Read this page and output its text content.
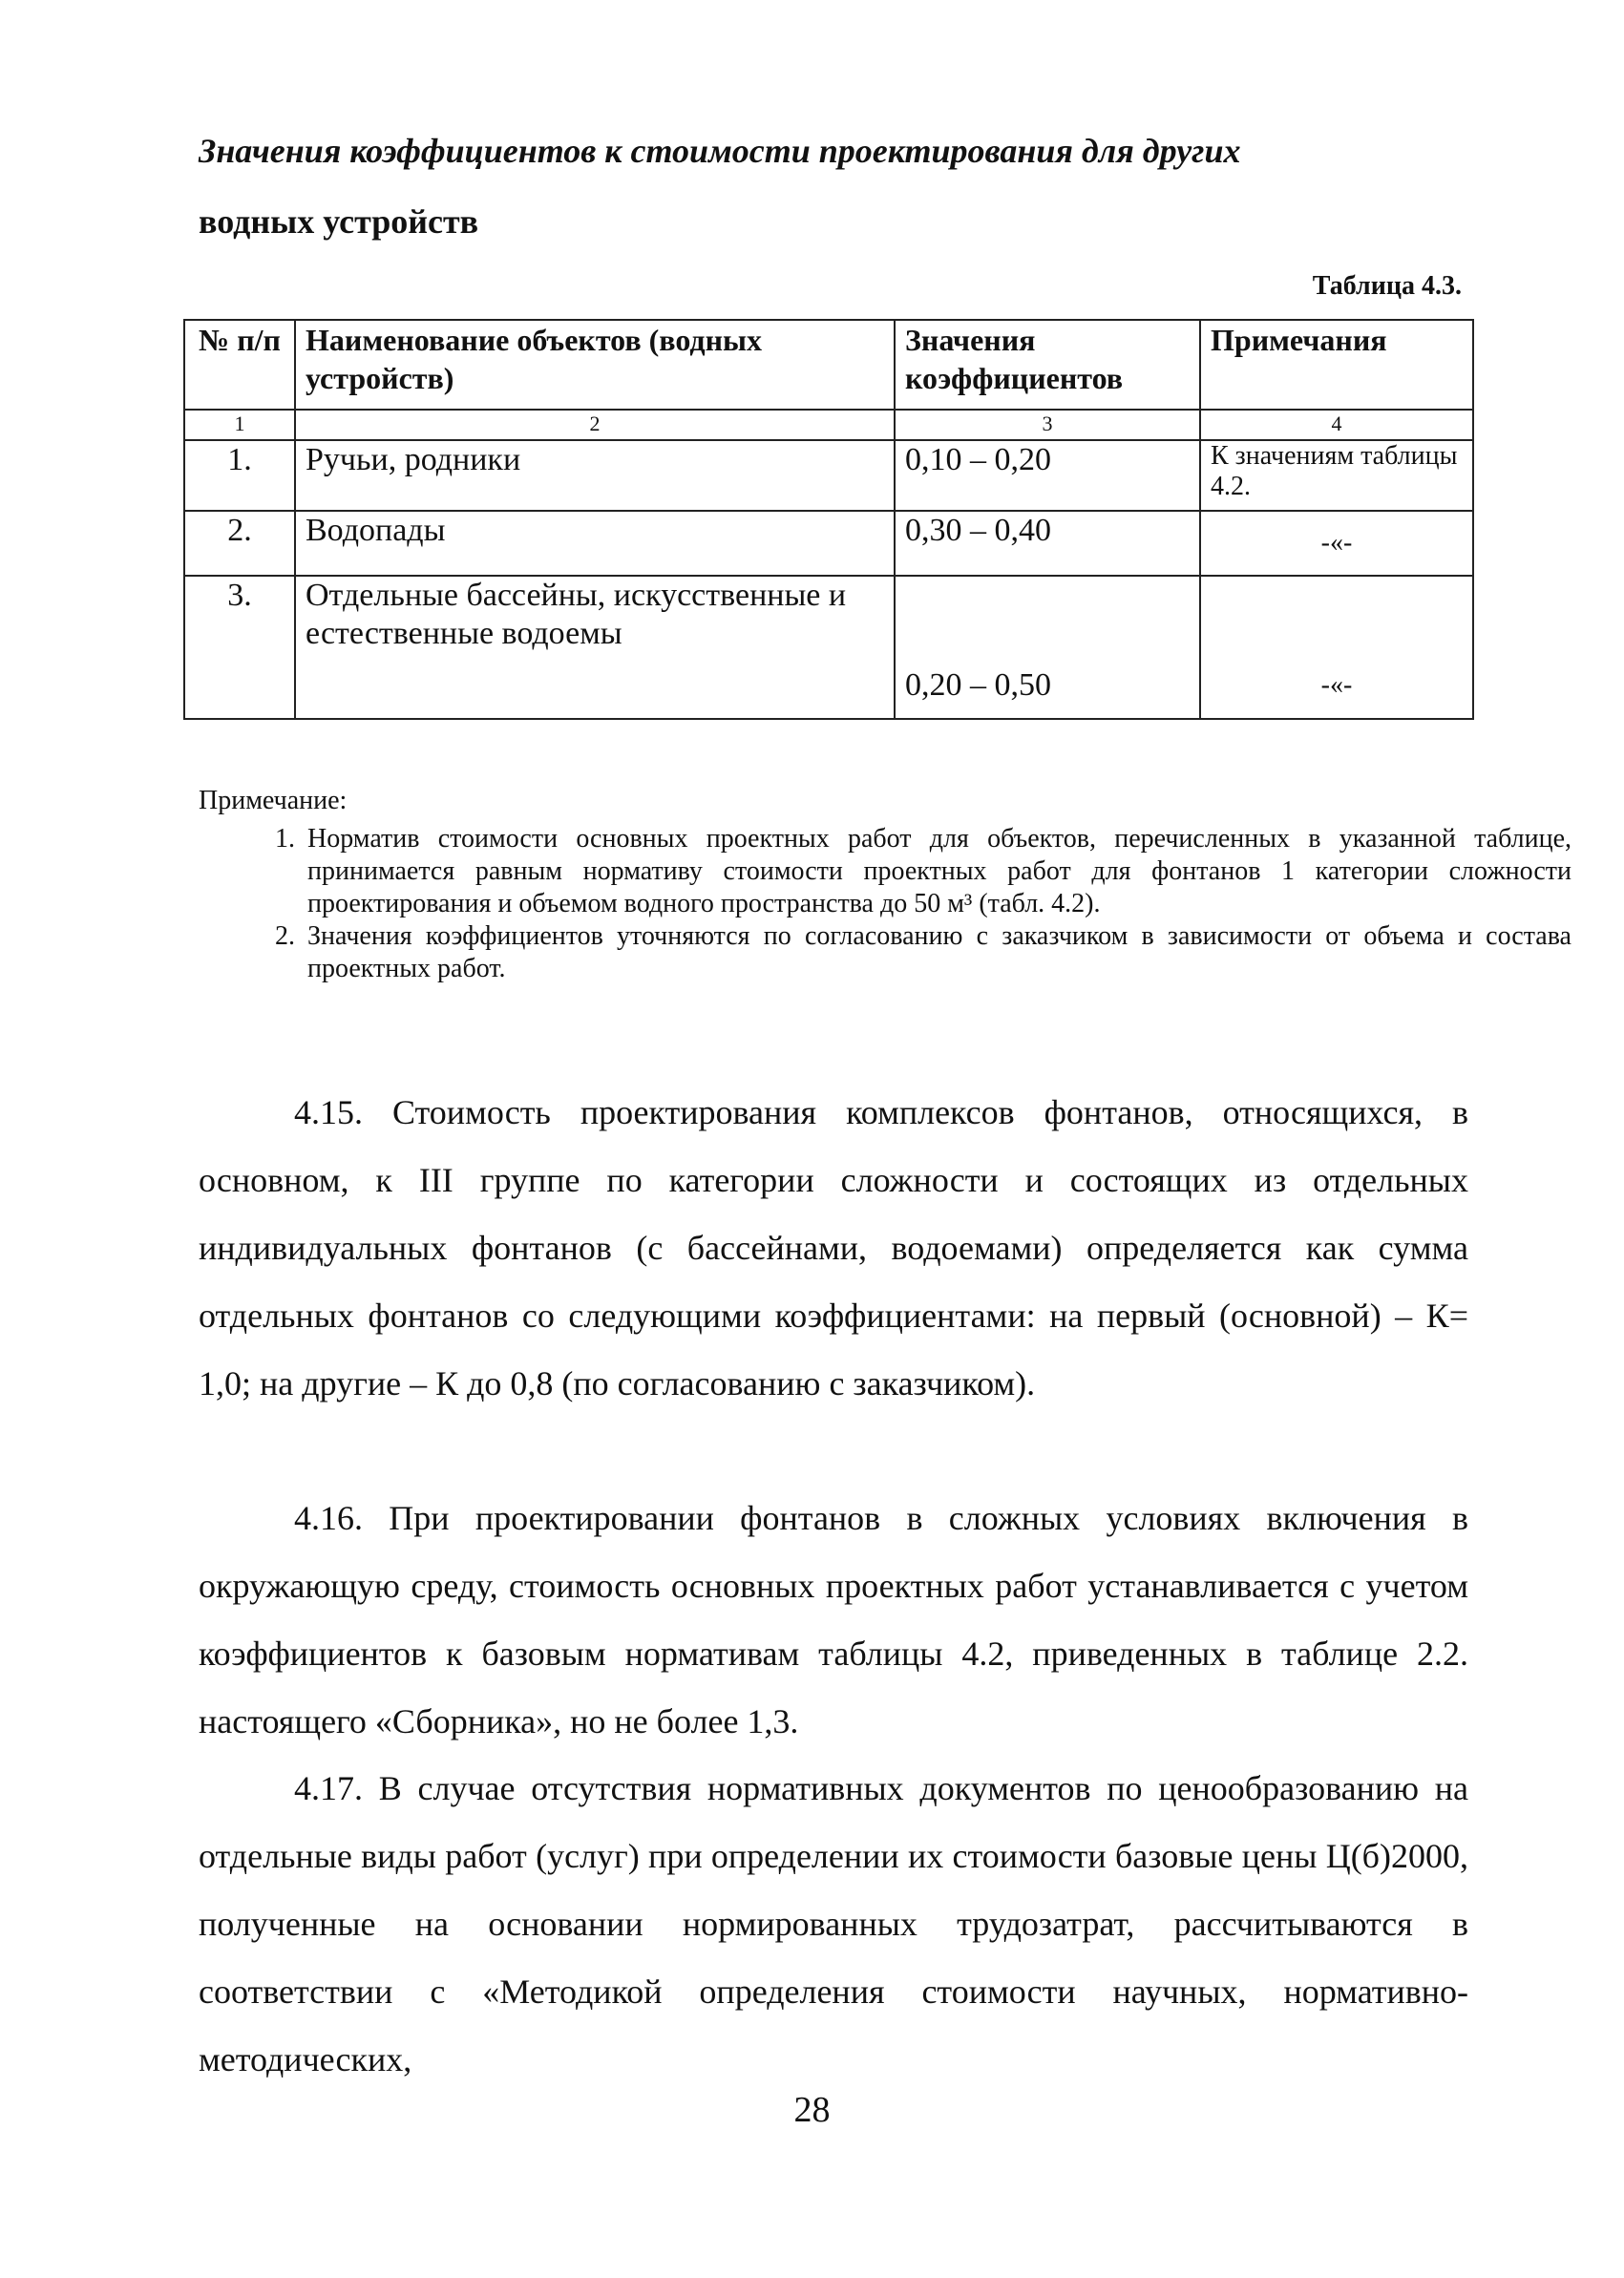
Значения коэффициентов к стоимости проектирования для других
водных устройств
Таблица 4.3.
№ п/п	Наименование объектов (водных устройств)	Значения коэффициентов	Примечания
1	2	3	4
1.	Ручьи, родники	0,10 – 0,20	К значениям таблицы 4.2.
2.	Водопады	0,30 – 0,40	-«-
3.	Отдельные бассейны, искусственные и естественные водоемы	0,20 – 0,50	-«-
Примечание:
1. Норматив стоимости основных проектных работ для объектов, перечисленных в указанной таблице, принимается равным нормативу стоимости проектных работ для фонтанов 1 категории сложности проектирования и объемом водного пространства до 50 м³ (табл. 4.2).
2. Значения коэффициентов уточняются по согласованию с заказчиком в зависимости от объема и состава проектных работ.

4.15. Стоимость проектирования комплексов фонтанов, относящихся, в основном, к III группе по категории сложности и состоящих из отдельных индивидуальных фонтанов (с бассейнами, водоемами) определяется как сумма отдельных фонтанов со следующими коэффициентами: на первый (основной) – К= 1,0; на другие – К до 0,8 (по согласованию с заказчиком).

4.16. При проектировании фонтанов в сложных условиях включения в окружающую среду, стоимость основных проектных работ устанавливается с учетом коэффициентов к базовым нормативам таблицы 4.2, приведенных в таблице 2.2. настоящего «Сборника», но не более 1,3.

4.17. В случае отсутствия нормативных документов по ценообразованию на отдельные виды работ (услуг) при определении их стоимости базовые цены Ц(б)2000, полученные на основании нормированных трудозатрат, рассчитываются в соответствии с «Методикой определения стоимости научных, нормативно-методических,

28
